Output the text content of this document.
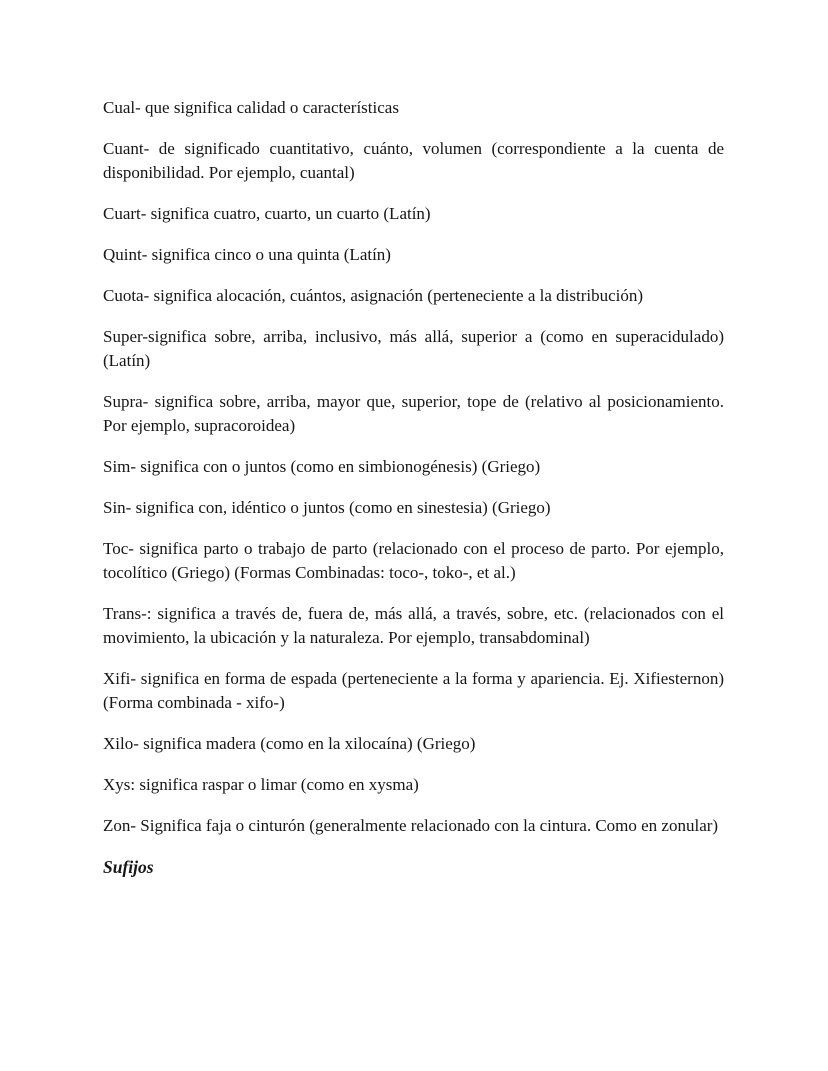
Cual- que significa calidad o características

Cuant- de significado cuantitativo, cuánto, volumen (correspondiente a la cuenta de disponibilidad. Por ejemplo, cuantal)

Cuart- significa cuatro, cuarto, un cuarto (Latín)

Quint- significa cinco o una quinta (Latín)

Cuota- significa alocación, cuántos, asignación (perteneciente a la distribución)

Super-significa sobre, arriba, inclusivo, más allá, superior a (como en superacidulado) (Latín)

Supra- significa sobre, arriba, mayor que, superior, tope de (relativo al posicionamiento. Por ejemplo, supracoroidea)

Sim- significa con o juntos (como en simbionogénesis) (Griego)

Sin- significa con, idéntico o juntos (como en sinestesia) (Griego)

Toc- significa parto o trabajo de parto (relacionado con el proceso de parto. Por ejemplo, tocolítico (Griego) (Formas Combinadas: toco-, toko-, et al.)

Trans-: significa a través de, fuera de, más allá, a través, sobre, etc. (relacionados con el movimiento, la ubicación y la naturaleza. Por ejemplo, transabdominal)

Xifi- significa en forma de espada (perteneciente a la forma y apariencia. Ej. Xifiesternon) (Forma combinada - xifo-)

Xilo- significa madera (como en la xilocaína) (Griego)

Xys: significa raspar o limar (como en xysma)

Zon- Significa faja o cinturón (generalmente relacionado con la cintura. Como en zonular)

Sufijos
